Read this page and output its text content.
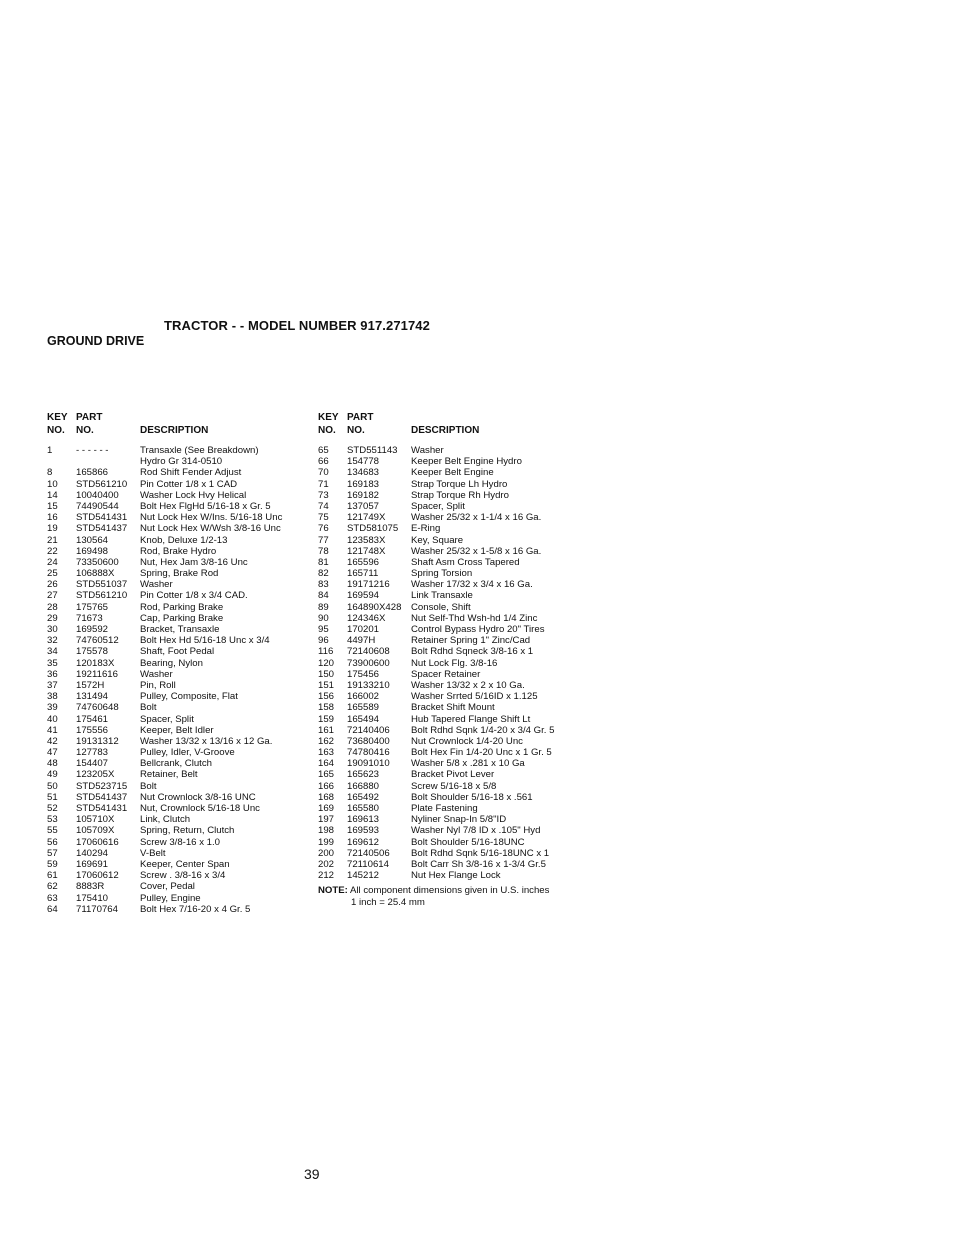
TRACTOR - - MODEL NUMBER 917.271742
GROUND DRIVE
KEY PART
NO. NO.	DESCRIPTION
1 - - - - - -	Transaxle (See Breakdown)
Hydro Gr 314-0510
8 165866	Rod Shift Fender Adjust
10 STD561210 Pin Cotter 1/8 x 1 CAD
14 10040400 Washer Lock Hvy Helical
15 74490544 Bolt Hex FlgHd 5/16-18 x Gr. 5
16 STD541431 Nut Lock Hex W/Ins. 5/16-18 Unc
19 STD541437 Nut Lock Hex W/Wsh 3/8-16 Unc
21 130564	Knob, Deluxe 1/2-13
22 169498	Rod, Brake Hydro
24 73350600 Nut, Hex Jam 3/8-16 Unc
25 106888X	Spring, Brake Rod
26 STD551037 Washer
27 STD561210 Pin Cotter 1/8 x 3/4 CAD.
28 175765	Rod, Parking Brake
29 71673	Cap, Parking Brake
30 169592	Bracket, Transaxle
32 74760512 Bolt Hex Hd 5/16-18 Unc x 3/4
34 175578	Shaft, Foot Pedal
35 120183X	Bearing, Nylon
36 19211616 Washer
37 1572H	Pin, Roll
38 131494	Pulley, Composite, Flat
39 74760648 Bolt
40 175461	Spacer, Split
41 175556	Keeper, Belt Idler
42 19131312 Washer 13/32 x 13/16 x 12 Ga.
47 127783	Pulley, Idler, V-Groove
48 154407	Bellcrank, Clutch
49 123205X	Retainer, Belt
50 STD523715 Bolt
51 STD541437 Nut Crownlock 3/8-16 UNC
52 STD541431 Nut, Crownlock 5/16-18 Unc
53 105710X	Link, Clutch
55 105709X	Spring, Return, Clutch
56 17060616 Screw 3/8-16 x 1.0
57 140294	V-Belt
59 169691	Keeper, Center Span
61 17060612 Screw . 3/8-16 x 3/4
62 8883R	Cover, Pedal
63 175410	Pulley, Engine
64 71170764 Bolt Hex 7/16-20 x 4 Gr. 5
KEY PART
NO. NO.	DESCRIPTION
65 STD551143 Washer
66 154778	Keeper Belt Engine Hydro
70 134683	Keeper Belt Engine
71 169183	Strap Torque Lh Hydro
73 169182	Strap Torque Rh Hydro
74 137057	Spacer, Split
75 121749X	Washer 25/32 x 1-1/4 x 16 Ga.
76 STD581075 E-Ring
77 123583X	Key, Square
78 121748X	Washer 25/32 x 1-5/8 x 16 Ga.
81 165596	Shaft Asm Cross Tapered
82 165711	Spring Torsion
83 19171216 Washer 17/32 x 3/4 x 16 Ga.
84 169594	Link Transaxle
89 164890X428 Console, Shift
90 124346X	Nut Self-Thd Wsh-hd 1/4 Zinc
95 170201	Control Bypass Hydro 20" Tires
96 4497H	Retainer Spring 1" Zinc/Cad
116 72140608 Bolt Rdhd Sqneck 3/8-16 x 1
120 73900600 Nut Lock Flg. 3/8-16
150 175456	Spacer Retainer
151 19133210 Washer 13/32 x 2 x 10 Ga.
156 166002	Washer Srrted 5/16ID x 1.125
158 165589	Bracket Shift Mount
159 165494	Hub Tapered Flange Shift Lt
161 72140406 Bolt Rdhd Sqnk 1/4-20 x 3/4 Gr. 5
162 73680400 Nut Crownlock 1/4-20 Unc
163 74780416 Bolt Hex Fin 1/4-20 Unc x 1 Gr. 5
164 19091010 Washer 5/8 x .281 x 10 Ga
165 165623	Bracket Pivot Lever
166 166880	Screw 5/16-18 x 5/8
168 165492	Bolt Shoulder 5/16-18 x .561
169 165580	Plate Fastening
197 169613	Nyliner Snap-In 5/8"ID
198 169593	Washer Nyl 7/8 ID x .105" Hyd
199 169612	Bolt Shoulder 5/16-18UNC
200 72140506 Bolt Rdhd Sqnk 5/16-18UNC x 1
202 72110614 Bolt Carr Sh 3/8-16 x 1-3/4 Gr.5
212 145212	Nut Hex Flange Lock
NOTE: All component dimensions given in U.S. inches
1 inch = 25.4 mm
39
